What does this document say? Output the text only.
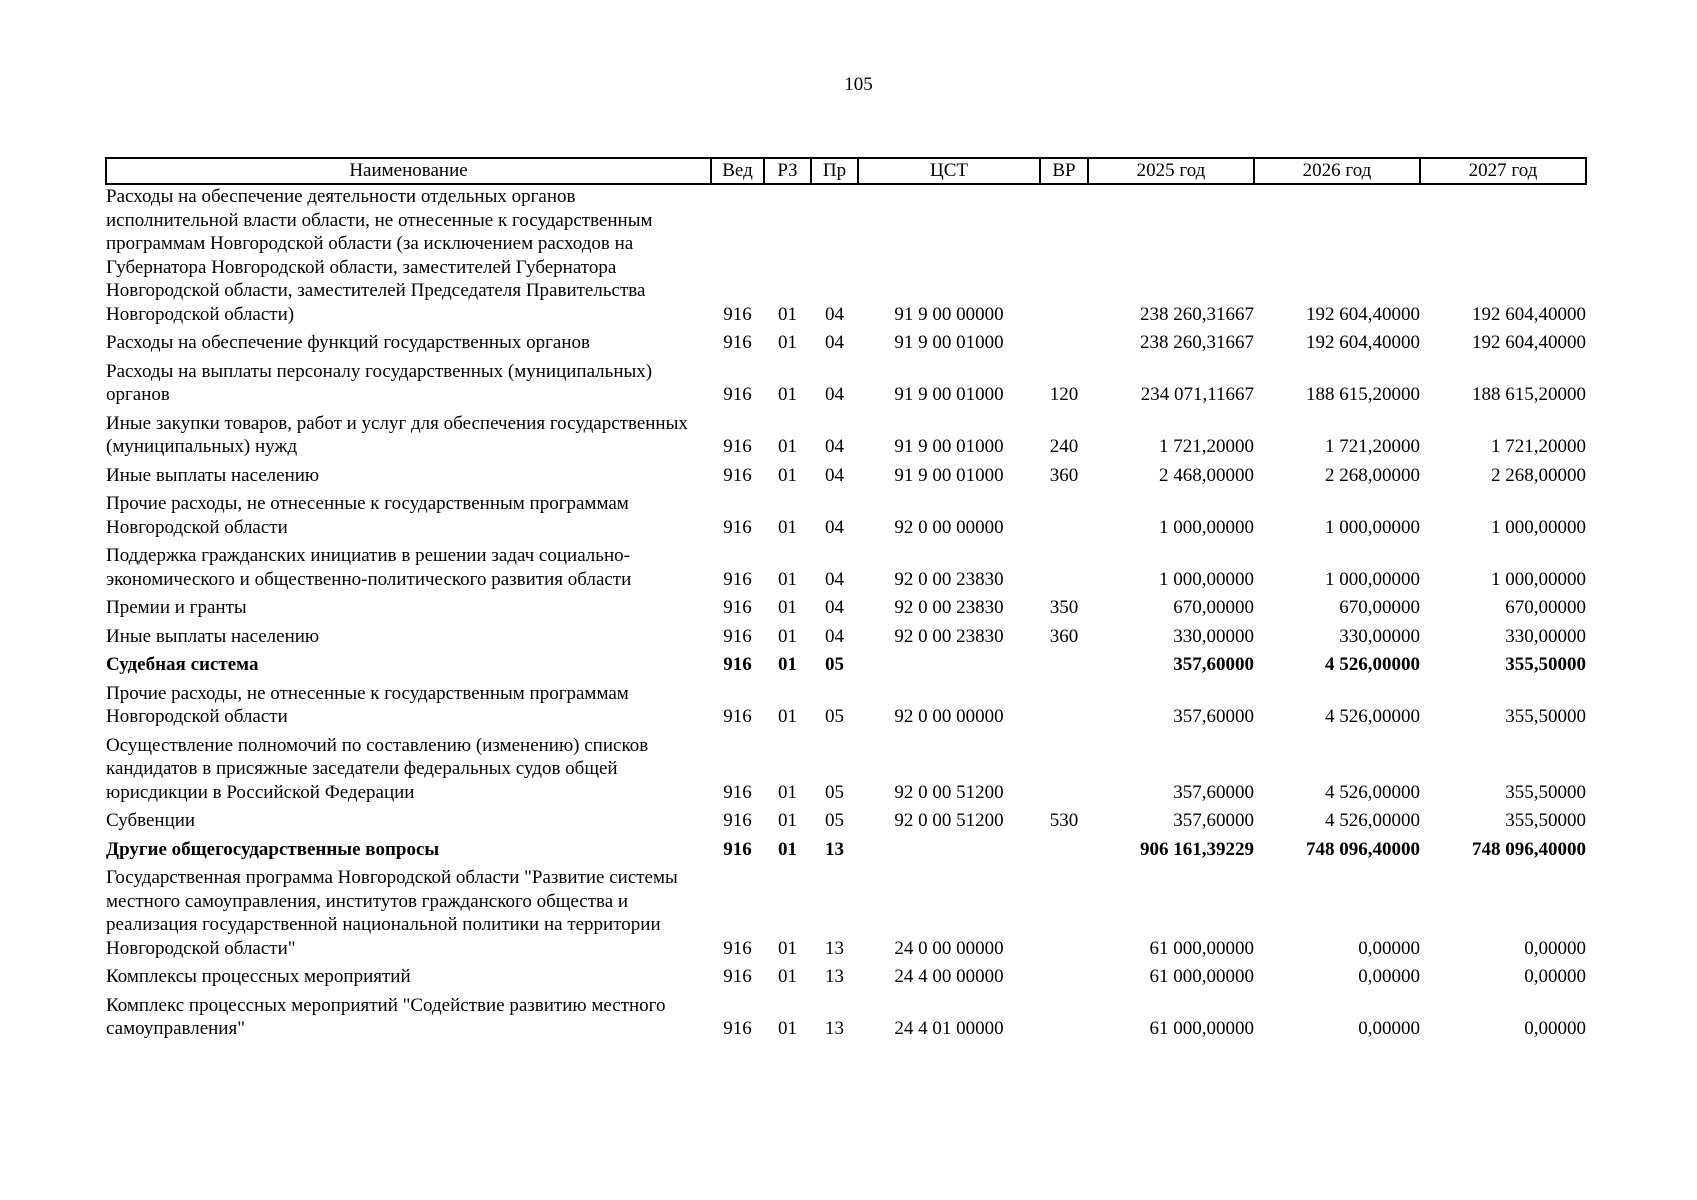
105
Наименование	Вед	РЗ	Пр	ЦСТ	ВР	2025 год	2026 год	2027 год
Расходы на обеспечение деятельности отдельных органов исполнительной власти области, не отнесенные к государственным программам Новгородской области (за исключением расходов на Губернатора Новгородской области, заместителей Губернатора Новгородской области, заместителей Председателя Правительства Новгородской области)	916	01	04	91 9 00 00000		238 260,31667	192 604,40000	192 604,40000
Расходы на обеспечение функций государственных органов	916	01	04	91 9 00 01000		238 260,31667	192 604,40000	192 604,40000
Расходы на выплаты персоналу государственных (муниципальных) органов	916	01	04	91 9 00 01000	120	234 071,11667	188 615,20000	188 615,20000
Иные закупки товаров, работ и услуг для обеспечения государственных (муниципальных) нужд	916	01	04	91 9 00 01000	240	1 721,20000	1 721,20000	1 721,20000
Иные выплаты населению	916	01	04	91 9 00 01000	360	2 468,00000	2 268,00000	2 268,00000
Прочие расходы, не отнесенные к государственным программам Новгородской области	916	01	04	92 0 00 00000		1 000,00000	1 000,00000	1 000,00000
Поддержка гражданских инициатив в решении задач социально-экономического и общественно-политического развития области	916	01	04	92 0 00 23830		1 000,00000	1 000,00000	1 000,00000
Премии и гранты	916	01	04	92 0 00 23830	350	670,00000	670,00000	670,00000
Иные выплаты населению	916	01	04	92 0 00 23830	360	330,00000	330,00000	330,00000
Судебная система	916	01	05			357,60000	4 526,00000	355,50000
Прочие расходы, не отнесенные к государственным программам Новгородской области	916	01	05	92 0 00 00000		357,60000	4 526,00000	355,50000
Осуществление полномочий по составлению (изменению) списков кандидатов в присяжные заседатели федеральных судов общей юрисдикции в Российской Федерации	916	01	05	92 0 00 51200		357,60000	4 526,00000	355,50000
Субвенции	916	01	05	92 0 00 51200	530	357,60000	4 526,00000	355,50000
Другие общегосударственные вопросы	916	01	13			906 161,39229	748 096,40000	748 096,40000
Государственная программа Новгородской области "Развитие системы местного самоуправления, институтов гражданского общества и реализация государственной национальной политики на территории Новгородской области"	916	01	13	24 0 00 00000		61 000,00000	0,00000	0,00000
Комплексы процессных мероприятий	916	01	13	24 4 00 00000		61 000,00000	0,00000	0,00000
Комплекс процессных мероприятий "Содействие развитию местного самоуправления"	916	01	13	24 4 01 00000		61 000,00000	0,00000	0,00000
